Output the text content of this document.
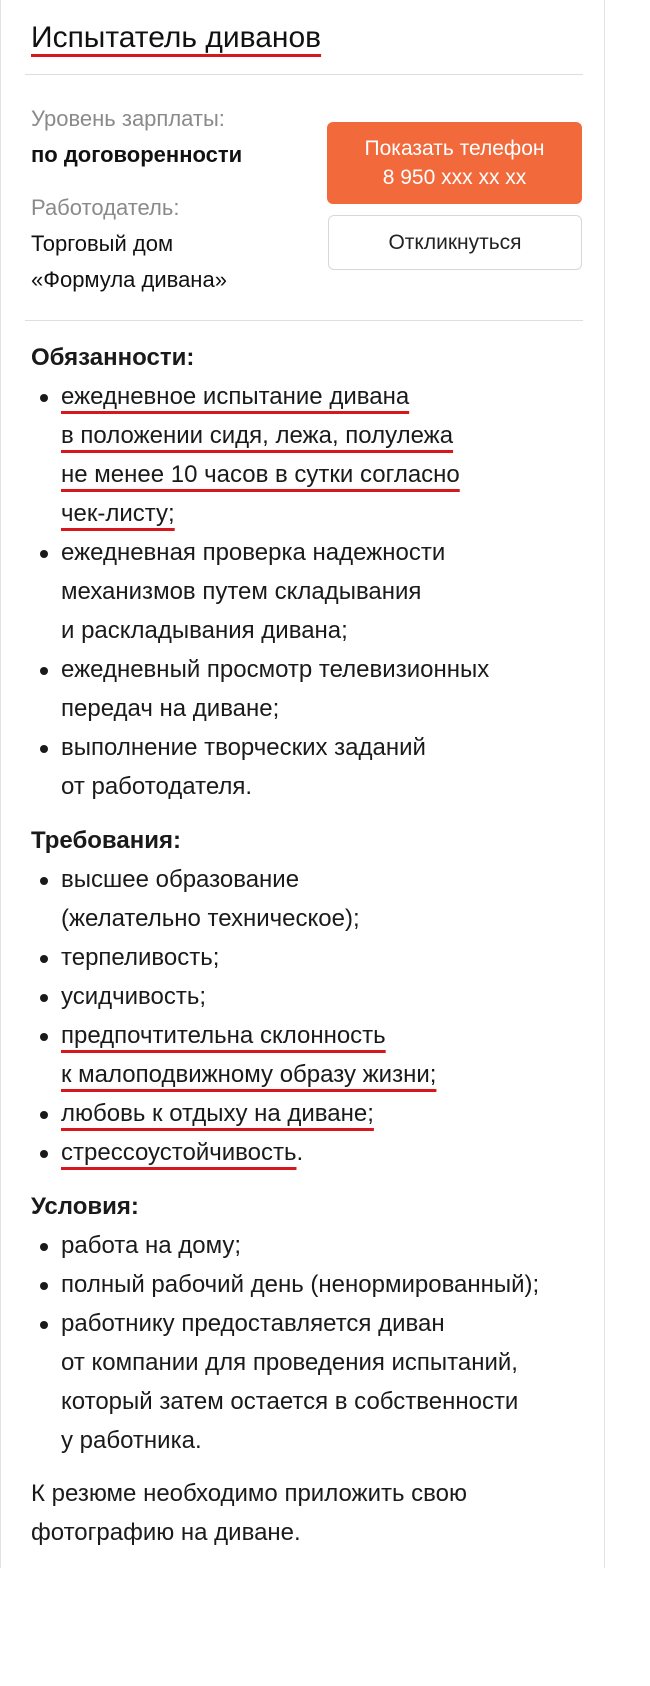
Испытатель диванов
Уровень зарплаты:
по договоренности
Работодатель:
Торговый дом
«Формула дивана»
Показать телефон
8 950 xxx xx xx
Откликнуться
Обязанности:
ежедневное испытание дивана
в положении сидя, лежа, полулежа
не менее 10 часов в сутки согласно
чек-листу;
ежедневная проверка надежности
механизмов путем складывания
и раскладывания дивана;
ежедневный просмотр телевизионных
передач на диване;
выполнение творческих заданий
от работодателя.
Требования:
высшее образование
(желательно техническое);
терпеливость;
усидчивость;
предпочтительна склонность
к малоподвижному образу жизни;
любовь к отдыху на диване;
стрессоустойчивость.
Условия:
работа на дому;
полный рабочий день (ненормированный);
работнику предоставляется диван
от компании для проведения испытаний,
который затем остается в собственности
у работника.

К резюме необходимо приложить свою
фотографию на диване.
